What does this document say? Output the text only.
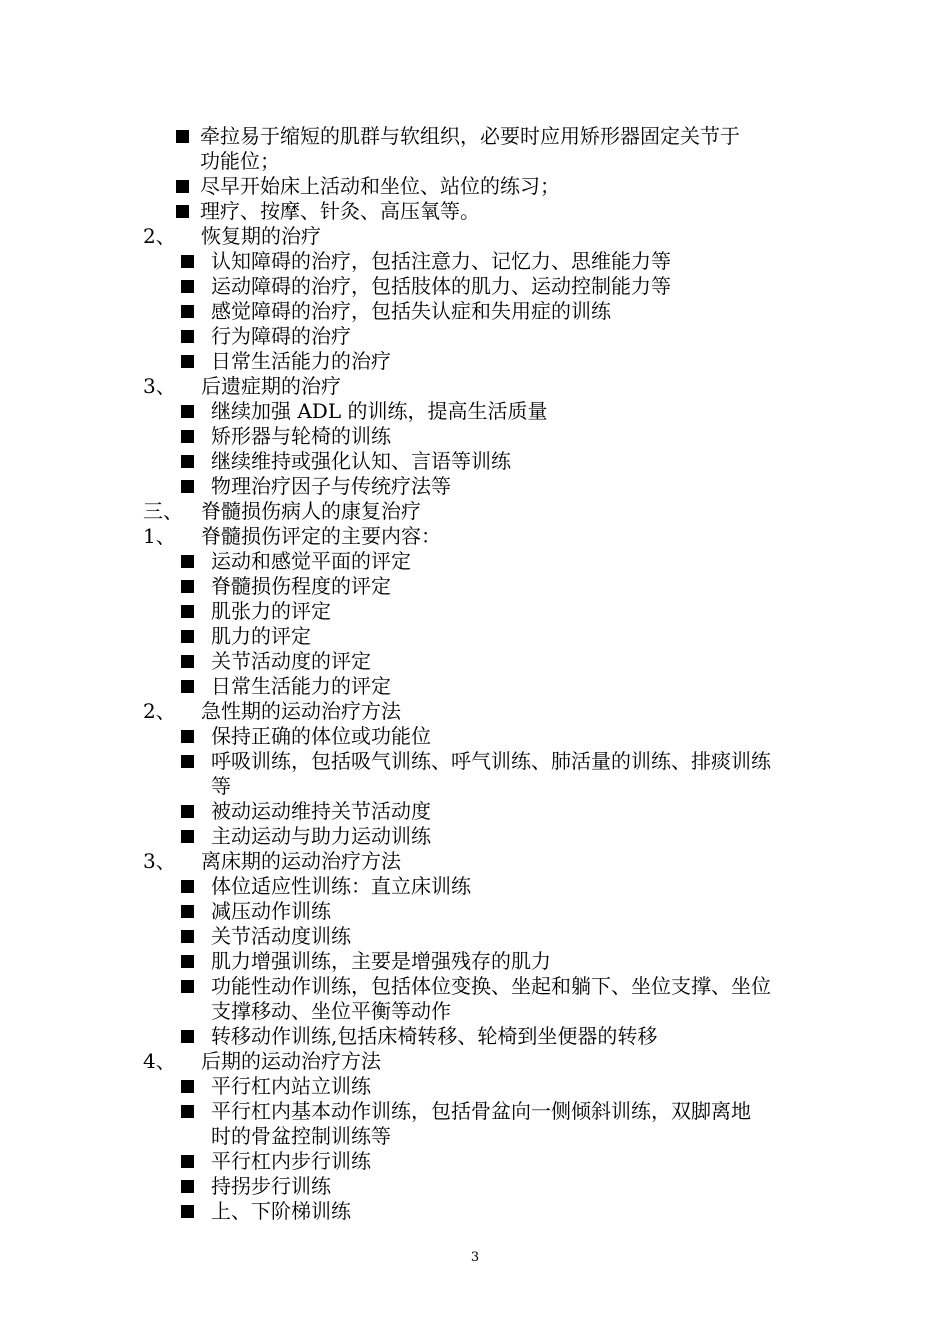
牵拉易于缩短的肌群与软组织，必要时应用矫形器固定关节于
功能位；
尽早开始床上活动和坐位、站位的练习；
理疗、按摩、针灸、高压氧等。
2、 恢复期的治疗
认知障碍的治疗，包括注意力、记忆力、思维能力等
运动障碍的治疗，包括肢体的肌力、运动控制能力等
感觉障碍的治疗，包括失认症和失用症的训练
行为障碍的治疗
日常生活能力的治疗
3、 后遗症期的治疗
继续加强 ADL 的训练，提高生活质量
矫形器与轮椅的训练
继续维持或强化认知、言语等训练
物理治疗因子与传统疗法等
三、 脊髓损伤病人的康复治疗
1、 脊髓损伤评定的主要内容：
运动和感觉平面的评定
脊髓损伤程度的评定
肌张力的评定
肌力的评定
关节活动度的评定
日常生活能力的评定
2、 急性期的运动治疗方法
保持正确的体位或功能位
呼吸训练，包括吸气训练、呼气训练、肺活量的训练、排痰训练
等
被动运动维持关节活动度
主动运动与助力运动训练
3、 离床期的运动治疗方法
体位适应性训练：直立床训练
减压动作训练
关节活动度训练
肌力增强训练，主要是增强残存的肌力
功能性动作训练，包括体位变换、坐起和躺下、坐位支撑、坐位
支撑移动、坐位平衡等动作
转移动作训练,包括床椅转移、轮椅到坐便器的转移
4、 后期的运动治疗方法
平行杠内站立训练
平行杠内基本动作训练，包括骨盆向一侧倾斜训练，双脚离地
时的骨盆控制训练等
平行杠内步行训练
持拐步行训练
上、下阶梯训练
3
